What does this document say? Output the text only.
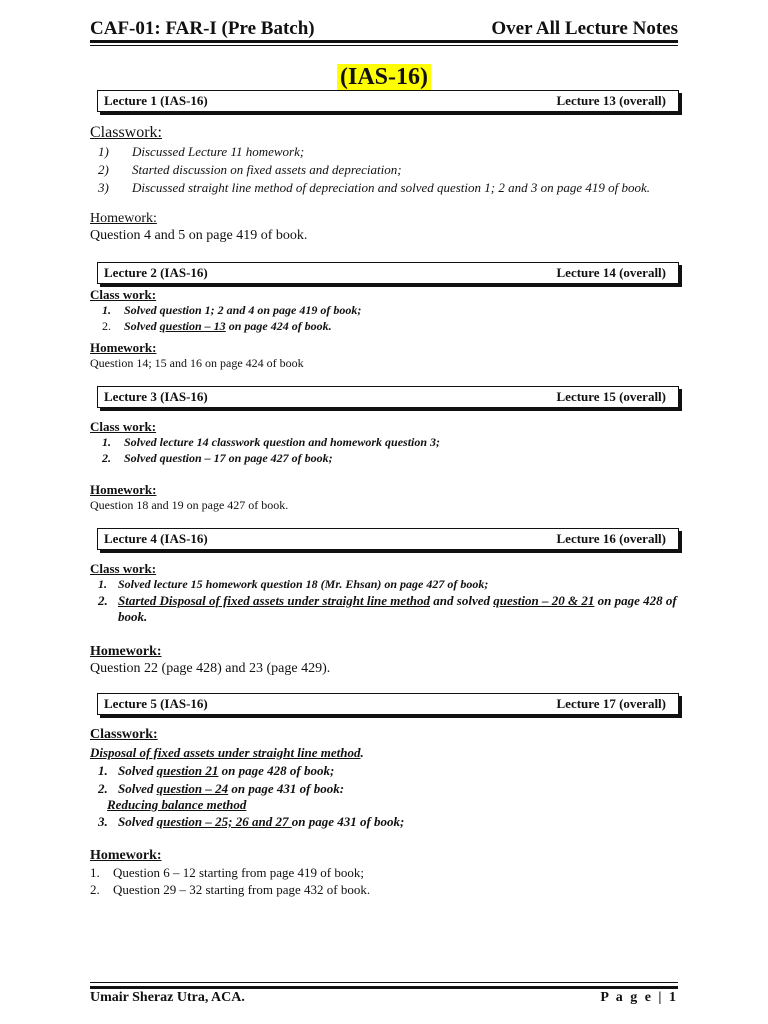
CAF-01: FAR-I (Pre Batch)	Over All Lecture Notes
(IAS-16)
Lecture 1 (IAS-16)	Lecture 13 (overall)
Classwork:
1) Discussed Lecture 11 homework;
2) Started discussion on fixed assets and depreciation;
3) Discussed straight line method of depreciation and solved question 1; 2 and 3 on page 419 of book.
Homework:
Question 4 and 5 on page 419 of book.
Lecture 2 (IAS-16)	Lecture 14 (overall)
Class work:
1. Solved question 1; 2 and 4 on page 419 of book;
2. Solved question – 13 on page 424 of book.
Homework:
Question 14; 15 and 16 on page 424 of book
Lecture 3 (IAS-16)	Lecture 15 (overall)
Class work:
1. Solved lecture 14 classwork question and homework question 3;
2. Solved question – 17 on page 427 of book;
Homework:
Question 18 and 19 on page 427 of book.
Lecture 4 (IAS-16)	Lecture 16 (overall)
Class work:
1. Solved lecture 15 homework question 18 (Mr. Ehsan) on page 427 of book;
2. Started Disposal of fixed assets under straight line method and solved question – 20 & 21 on page 428 of book.
Homework:
Question 22 (page 428) and 23 (page 429).
Lecture 5 (IAS-16)	Lecture 17 (overall)
Classwork:
Disposal of fixed assets under straight line method.
1. Solved question 21 on page 428 of book;
2. Solved question – 24 on page 431 of book:
Reducing balance method
3. Solved question – 25; 26 and 27 on page 431 of book;
Homework:
1. Question 6 – 12 starting from page 419 of book;
2. Question 29 – 32 starting from page 432 of book.
Umair Sheraz Utra, ACA.	P a g e | 1
